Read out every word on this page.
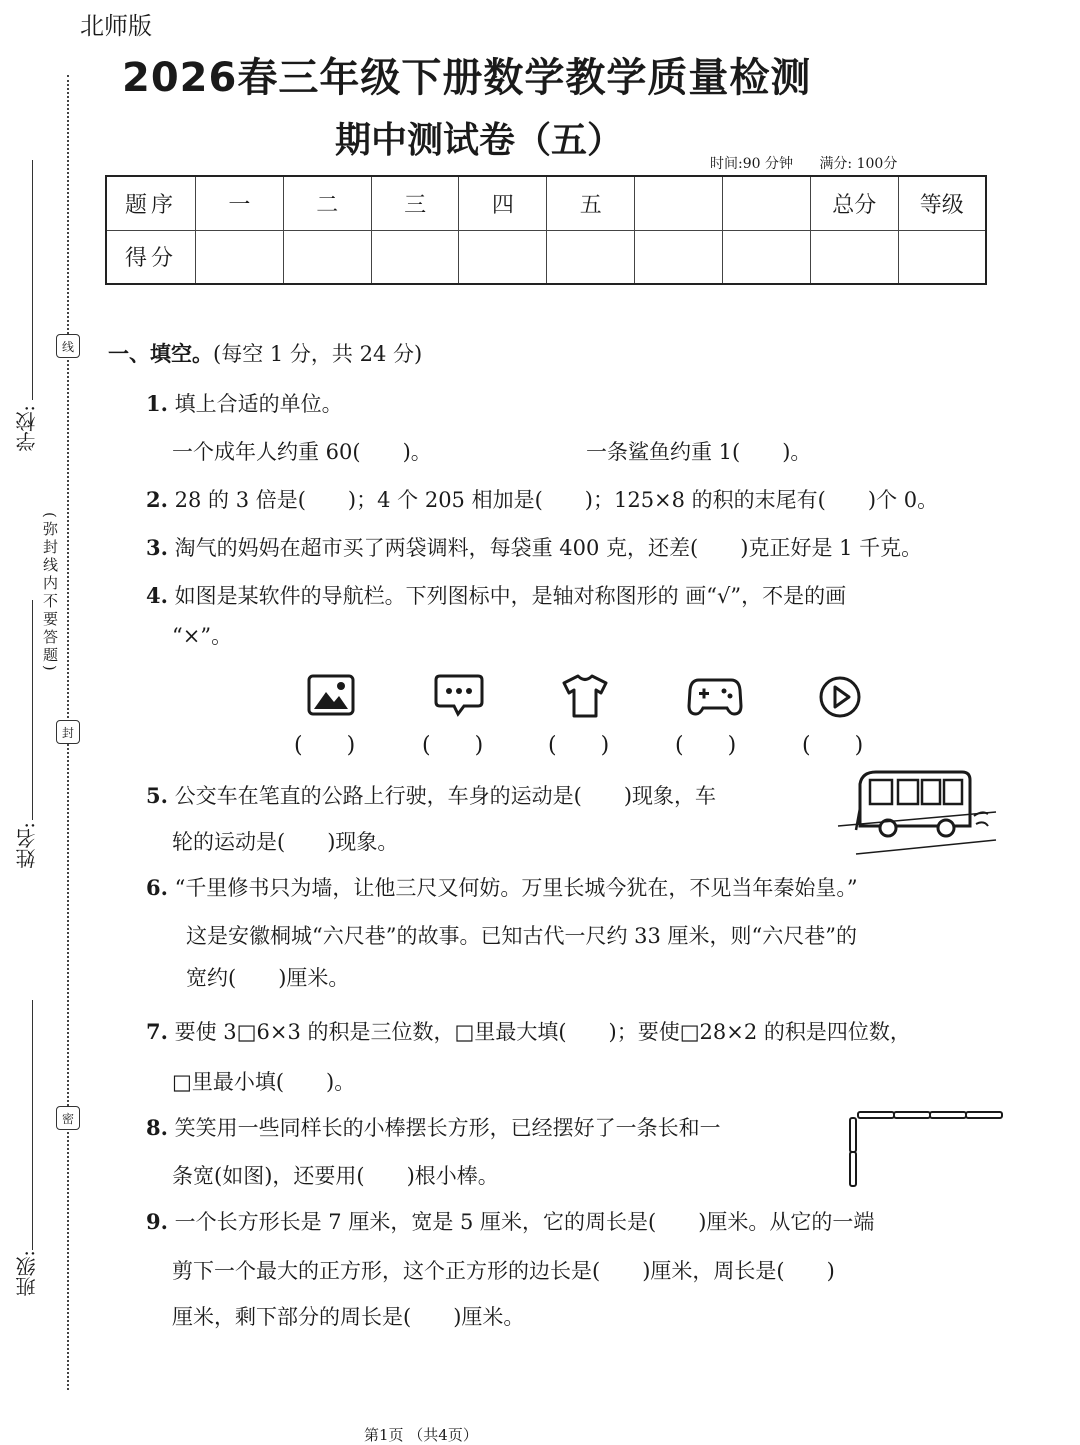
北师版
2026春三年级下册数学教学质量检测
期中测试卷（五）
时间:90 分钟 满分: 100分
线
封
密
学校:
(弥封线内不要答题)
姓名:
班级:
题序	一	二	三	四	五			总分	等级
得分									
一、填空。(每空 1 分，共 24 分)
1. 填上合适的单位。
一个成年人约重 60(　　)。	一条鲨鱼约重 1(　　)。
2. 28 的 3 倍是(　　)；4 个 205 相加是(　　)；125×8 的积的末尾有(　　)个 0。
3. 淘气的妈妈在超市买了两袋调料，每袋重 400 克，还差(　　)克正好是 1 千克。
4. 如图是某软件的导航栏。下列图标中，是轴对称图形的 画“√”，不是的画
“×”。
(　　)	(　　)	(　　)	(　　)	(　　)
5. 公交车在笔直的公路上行驶，车身的运动是(　　)现象，车
轮的运动是(　　)现象。
6. “千里修书只为墙，让他三尺又何妨。万里长城今犹在，不见当年秦始皇。”
这是安徽桐城“六尺巷”的故事。已知古代一尺约 33 厘米，则“六尺巷”的
宽约(　　)厘米。
7. 要使 3□6×3 的积是三位数，□里最大填(　　)；要使□28×2 的积是四位数，
□里最小填(　　)。
8. 笑笑用一些同样长的小棒摆长方形，已经摆好了一条长和一
条宽(如图)，还要用(　　)根小棒。
9. 一个长方形长是 7 厘米，宽是 5 厘米，它的周长是(　　)厘米。从它的一端
剪下一个最大的正方形，这个正方形的边长是(　　)厘米，周长是(　　)
厘米，剩下部分的周长是(　　)厘米。
第1页 （共4页）
